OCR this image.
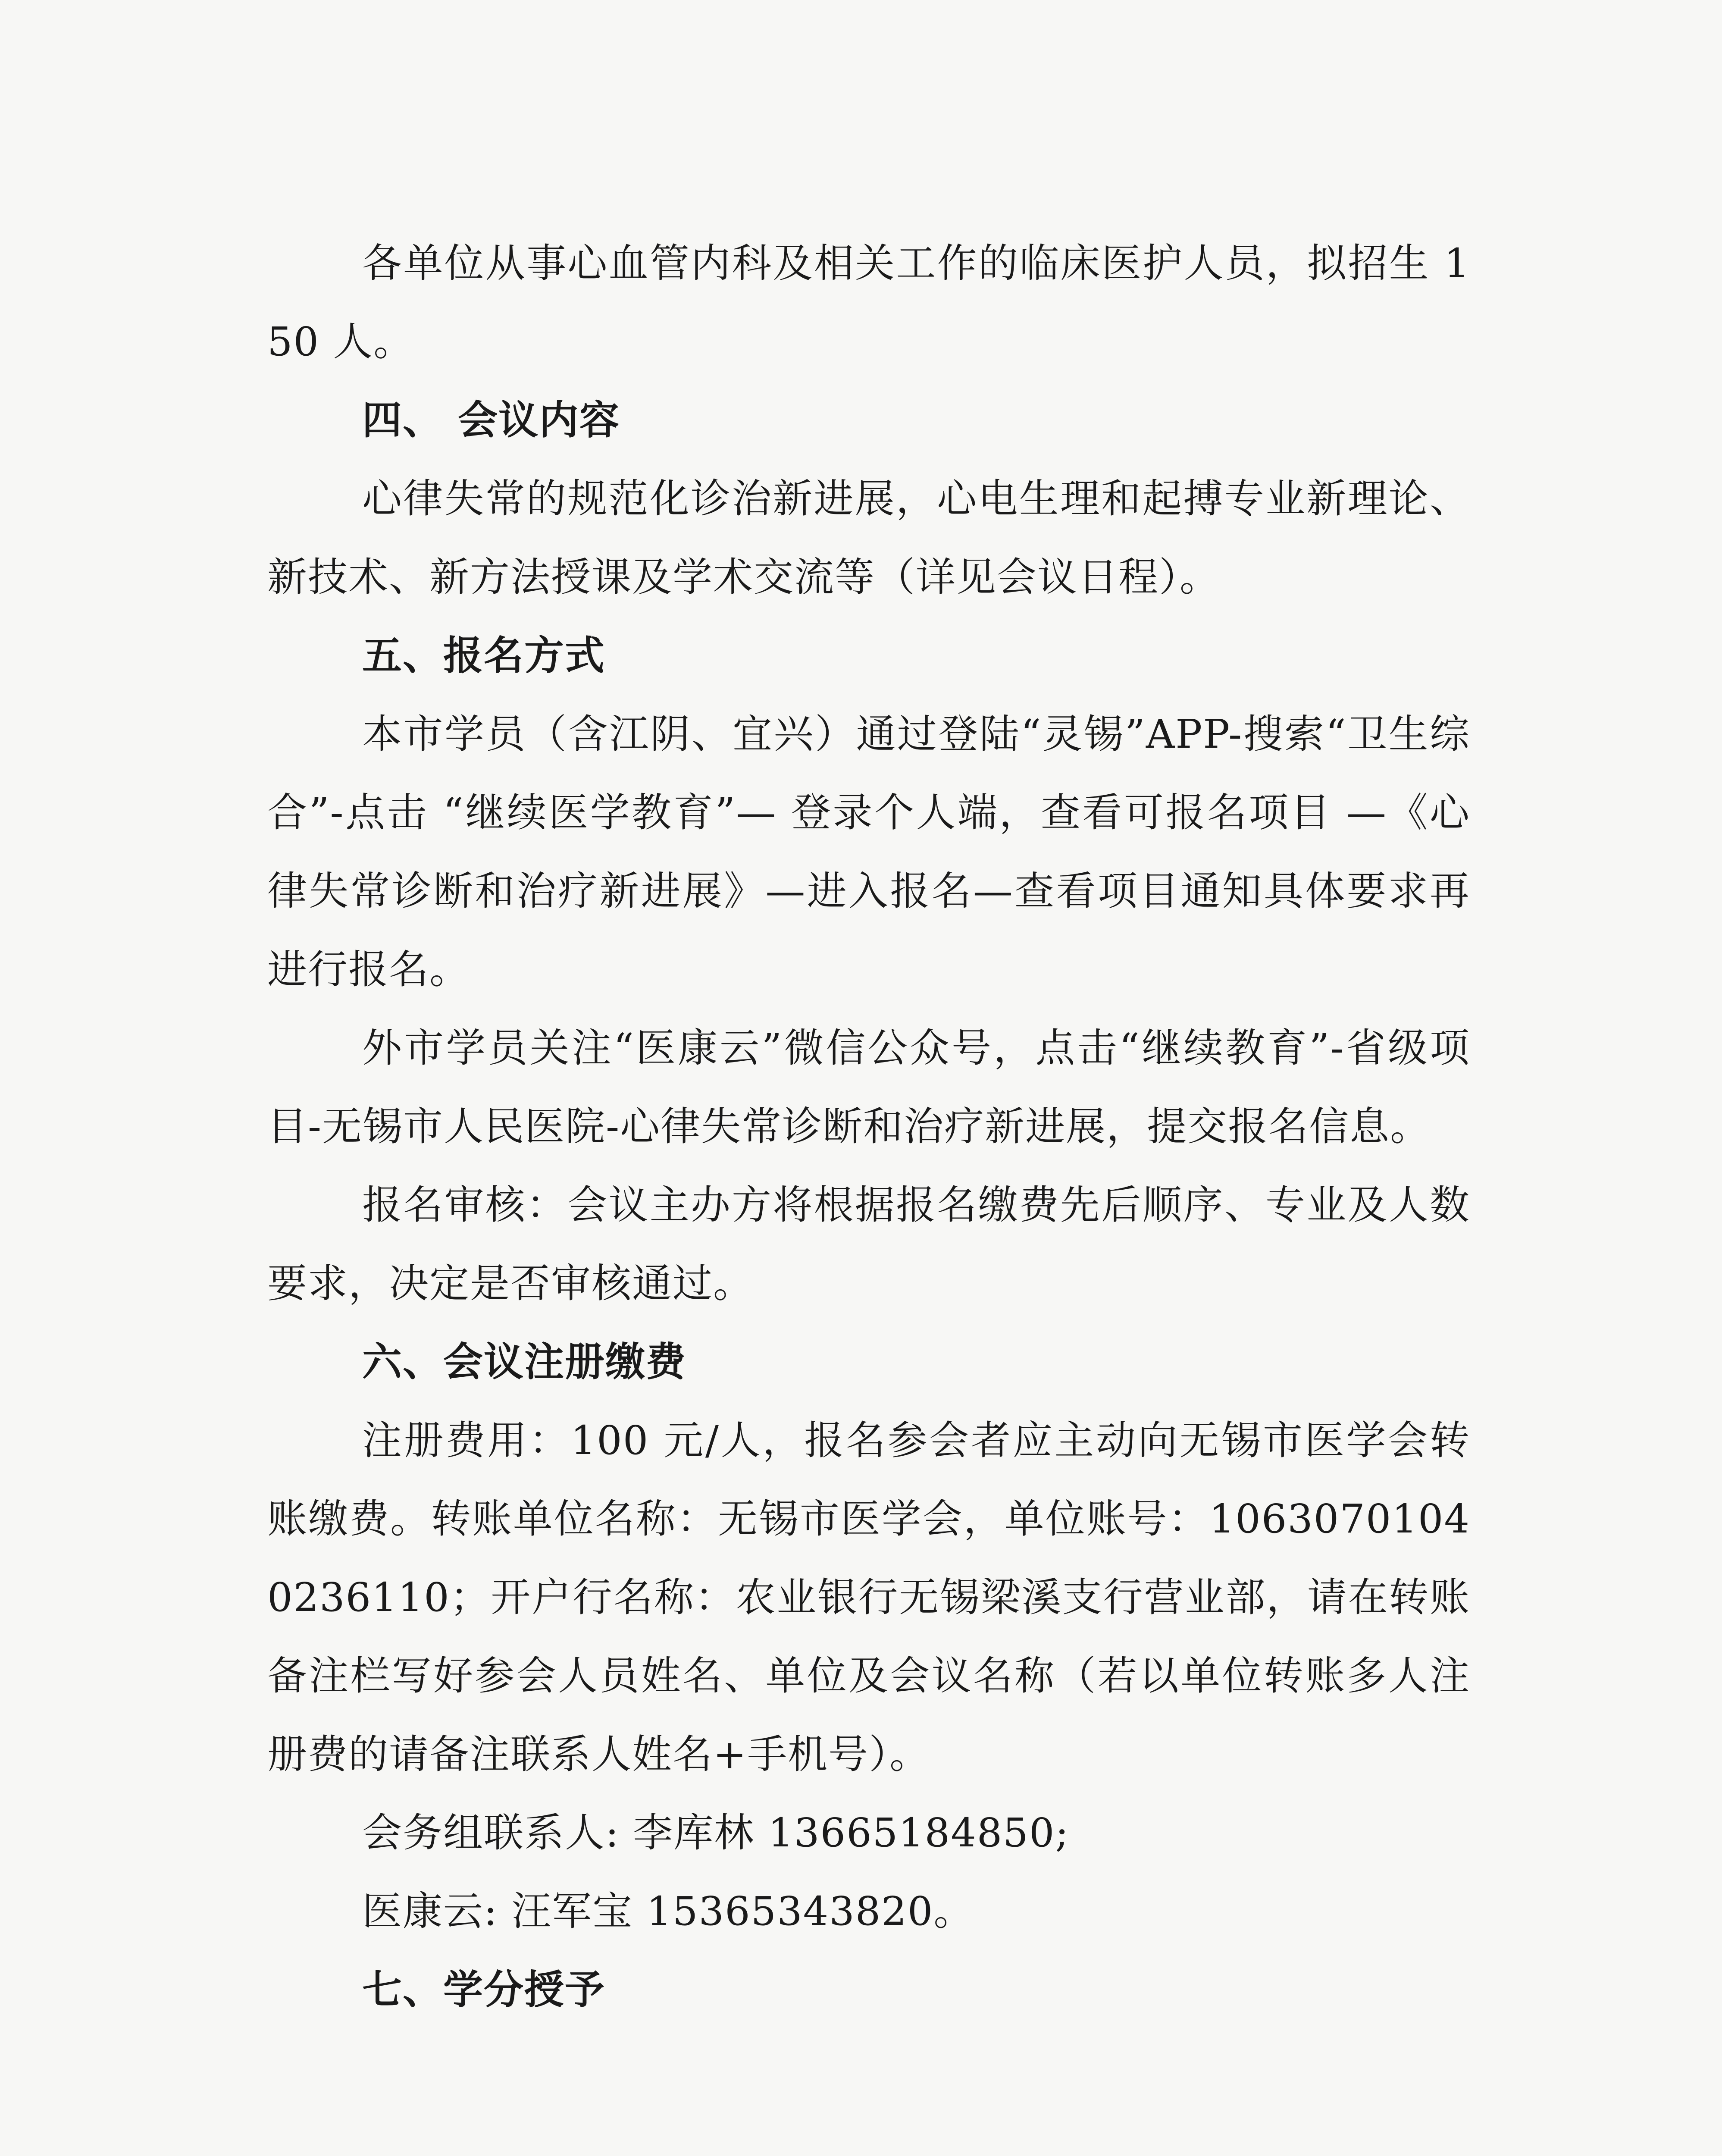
各单位从事心血管内科及相关工作的临床医护人员，拟招生 150 人。

四、 会议内容

心律失常的规范化诊治新进展，心电生理和起搏专业新理论、新技术、新方法授课及学术交流等（详见会议日程）。

五、报名方式

本市学员（含江阴、宜兴）通过登陆“灵锡”APP-搜索“卫生综合”-点击 “继续医学教育”— 登录个人端，查看可报名项目 —《心律失常诊断和治疗新进展》—进入报名—查看项目通知具体要求再进行报名。

外市学员关注“医康云”微信公众号，点击“继续教育”-省级项目-无锡市人民医院-心律失常诊断和治疗新进展，提交报名信息。

报名审核：会议主办方将根据报名缴费先后顺序、专业及人数要求，决定是否审核通过。

六、会议注册缴费

注册费用：100 元/人，报名参会者应主动向无锡市医学会转账缴费。转账单位名称：无锡市医学会，单位账号：10630701040236110；开户行名称：农业银行无锡梁溪支行营业部，请在转账备注栏写好参会人员姓名、单位及会议名称（若以单位转账多人注册费的请备注联系人姓名+手机号）。

会务组联系人: 李库林 13665184850;

医康云: 汪军宝 15365343820。

七、学分授予
